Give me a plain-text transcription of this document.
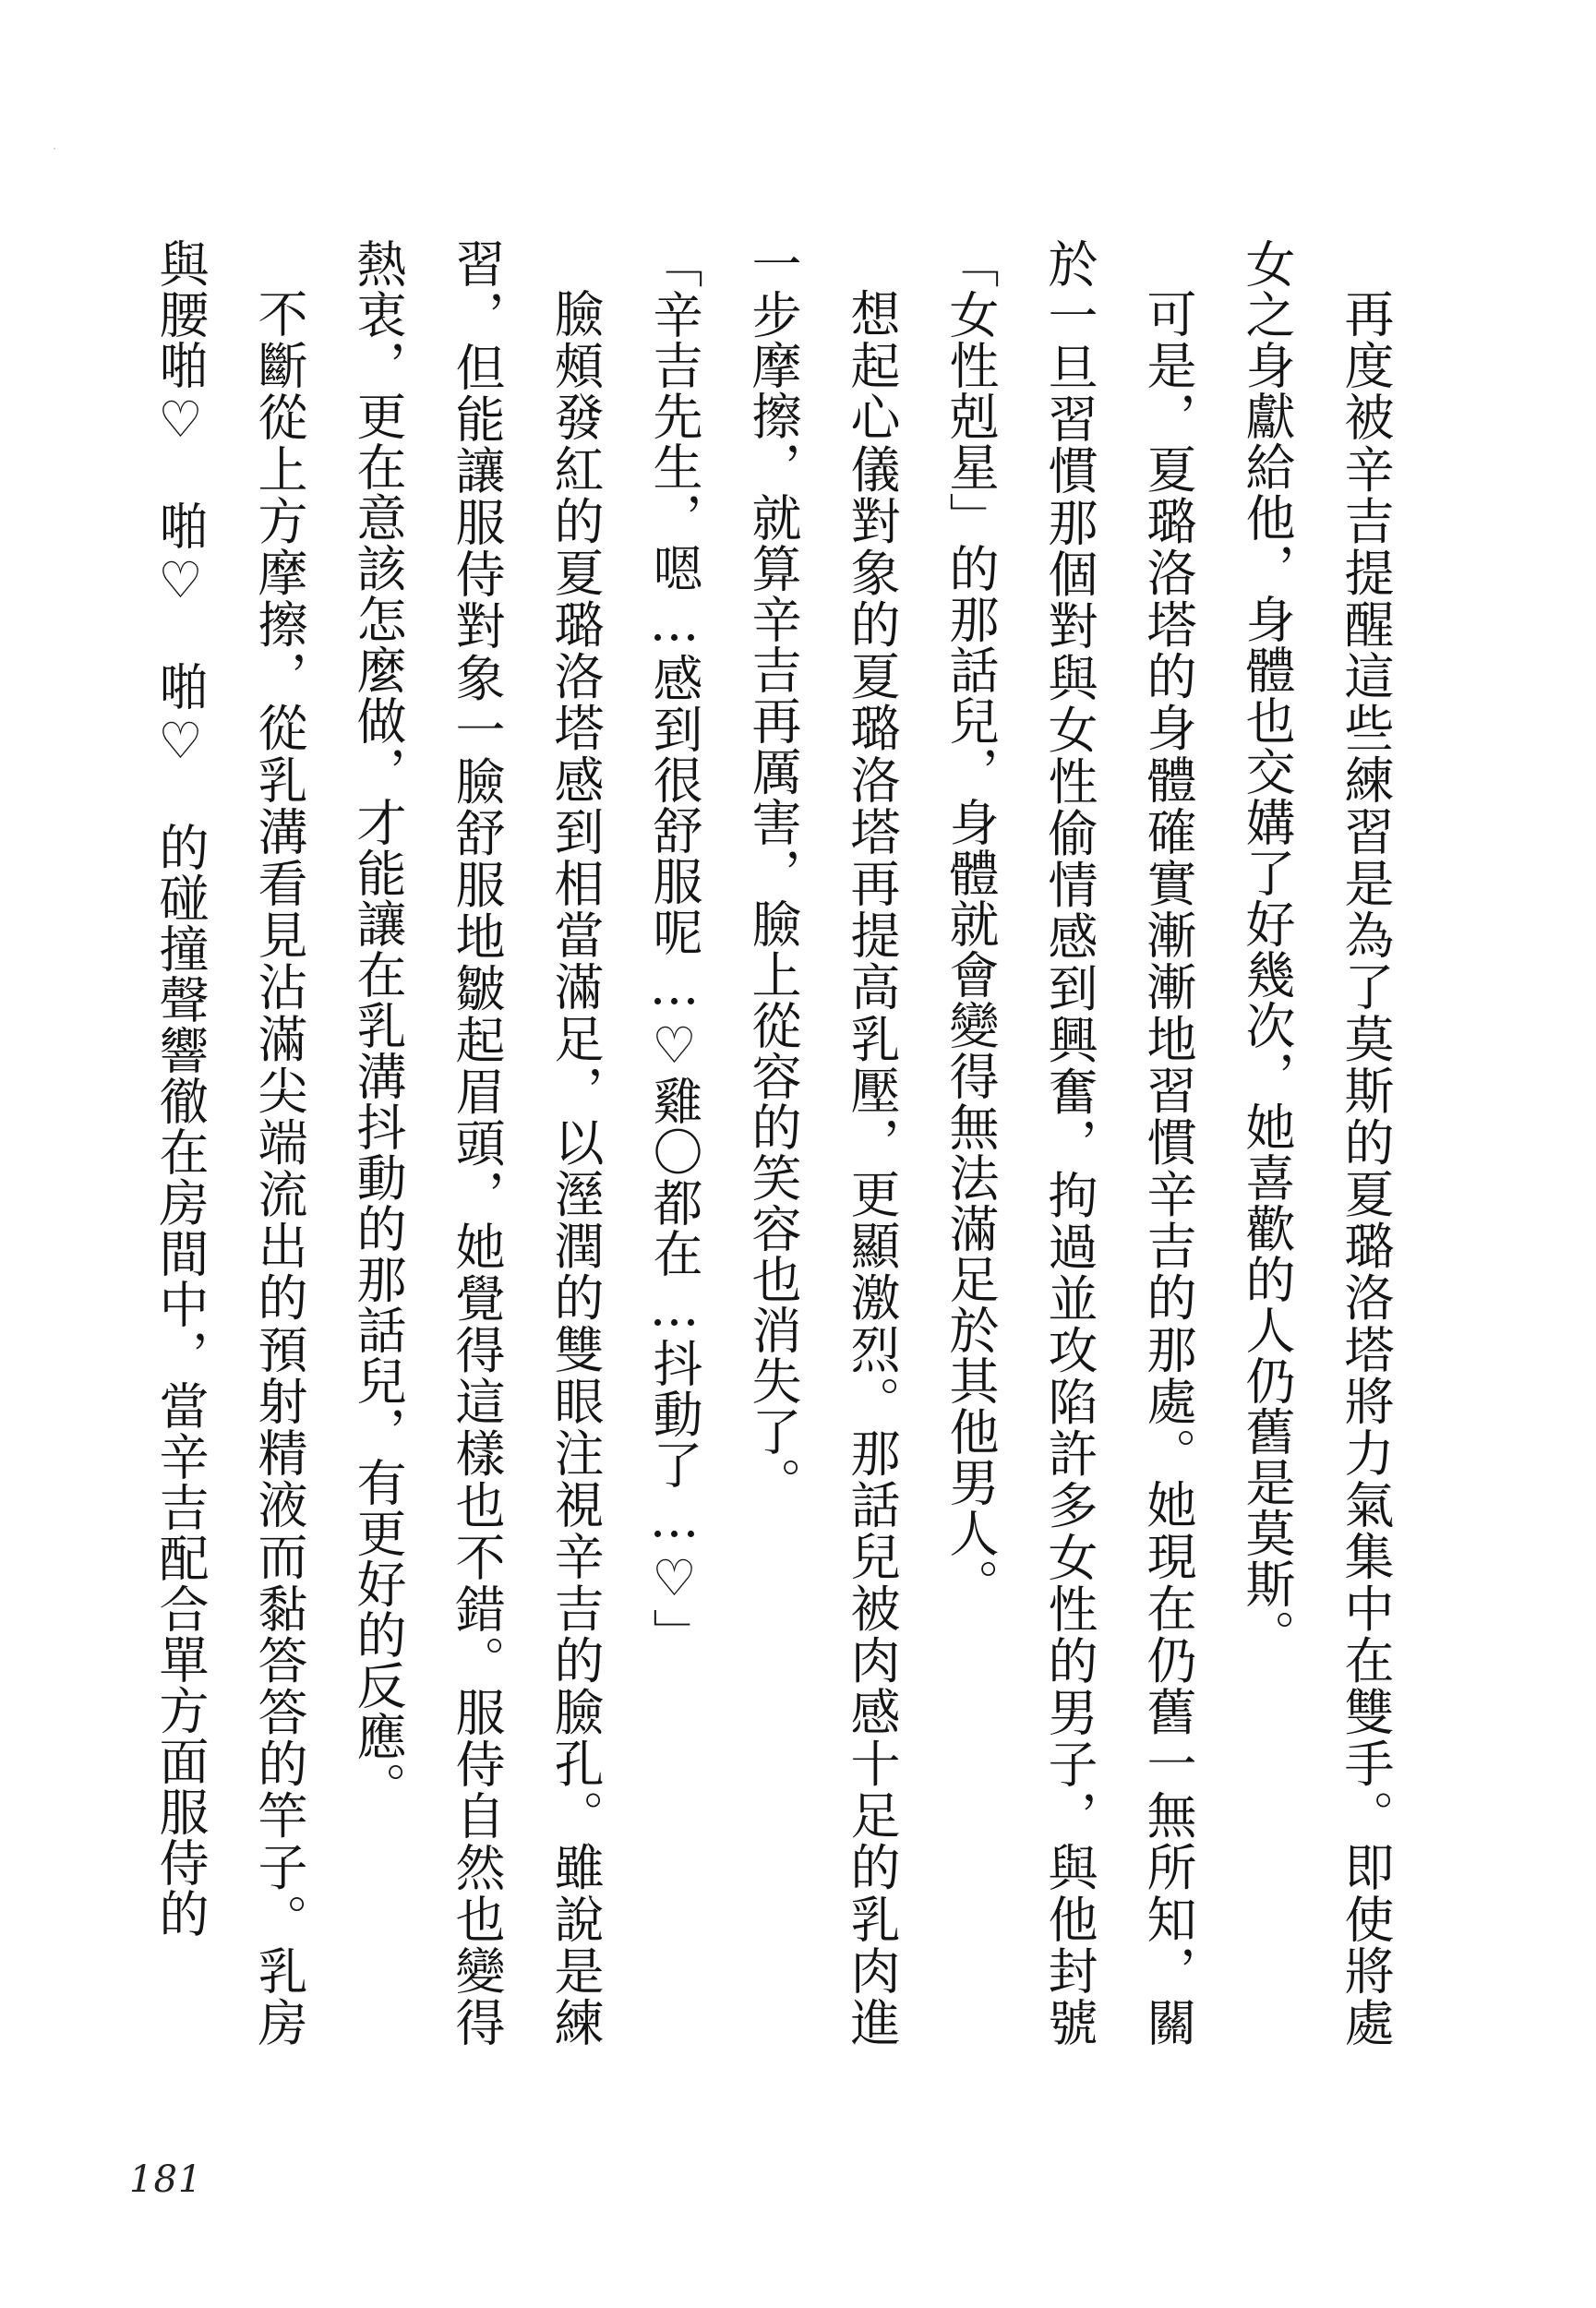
再度被辛吉提醒這些練習是為了莫斯的夏璐洛塔將力氣集中在雙手。即使將處女之身獻給他，身體也交媾了好幾次，她喜歡的人仍舊是莫斯。

可是，夏璐洛塔的身體確實漸漸地習慣辛吉的那處。她現在仍舊一無所知，關於一旦習慣那個對與女性偷情感到興奮，拘過並攻陷許多女性的男子，與他封號「女性剋星」的那話兒，身體就會變得無法滿足於其他男人。

想起心儀對象的夏璐洛塔再提高乳壓，更顯激烈。那話兒被肉感十足的乳肉進一步摩擦，就算辛吉再厲害，臉上從容的笑容也消失了。

「辛吉先生，嗯…感到很舒服呢…♡雞〇都在…抖動了…♡」

臉頰發紅的夏璐洛塔感到相當滿足，以溼潤的雙眼注視辛吉的臉孔。雖說是練習，但能讓服侍對象一臉舒服地皺起眉頭，她覺得這樣也不錯。服侍自然也變得熱衷，更在意該怎麼做，才能讓在乳溝抖動的那話兒，有更好的反應。

不斷從上方摩擦，從乳溝看見沾滿尖端流出的預射精液而黏答答的竿子。乳房與腰啪♡　啪♡　啪♡　的碰撞聲響徹在房間中，當辛吉配合單方面服侍的

181
